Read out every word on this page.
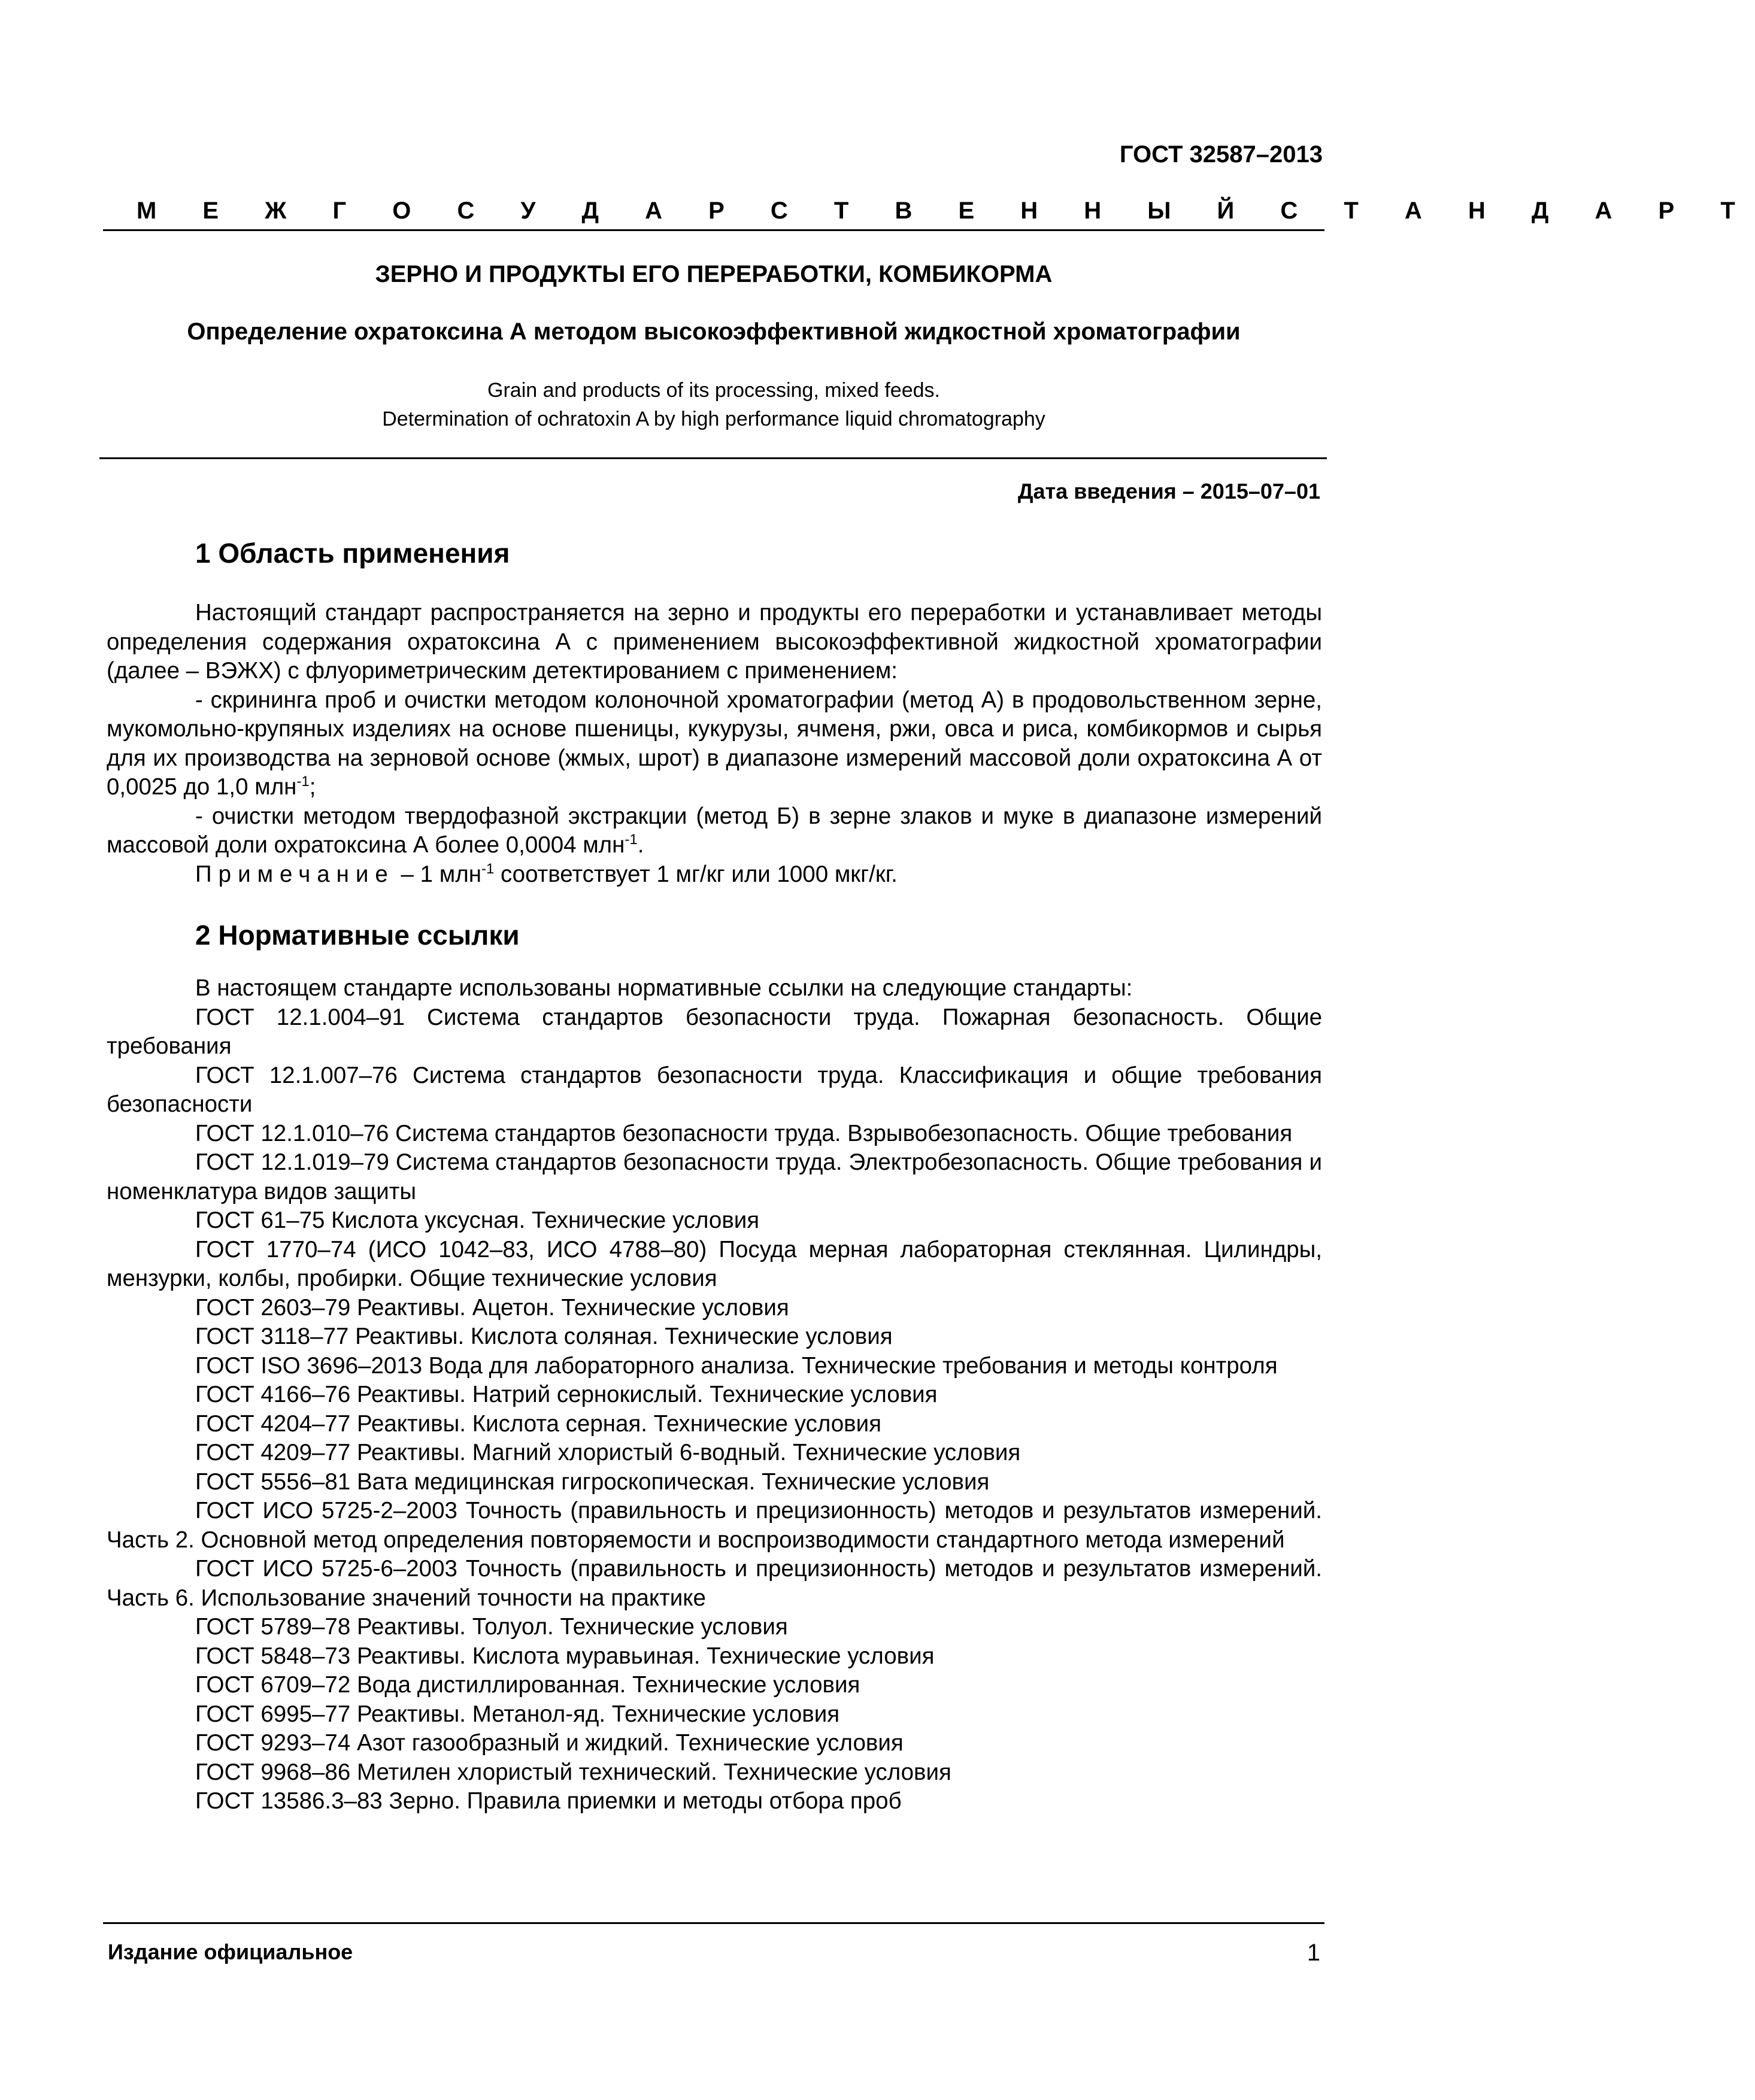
ГОСТ 32587–2013
М Е Ж Г О С У Д А Р С Т В Е Н Н Ы Й С Т А Н Д А Р Т
ЗЕРНО И ПРОДУКТЫ ЕГО ПЕРЕРАБОТКИ, КОМБИКОРМА
Определение охратоксина А методом высокоэффективной жидкостной хроматографии
Grain and products of its processing, mixed feeds.
Determination of ochratoxin A by high performance liquid chromatography
Дата введения – 2015–07–01
1 Область применения

Настоящий стандарт распространяется на зерно и продукты его переработки и устанавливает методы определения содержания охратоксина А с применением высокоэффективной жидкостной хроматографии (далее – ВЭЖХ) с флуориметрическим детектированием с применением:

- скрининга проб и очистки методом колоночной хроматографии (метод А) в продовольственном зерне, мукомольно-крупяных изделиях на основе пшеницы, кукурузы, ячменя, ржи, овса и риса, комбикормов и сырья для их производства на зерновой основе (жмых, шрот) в диапазоне измерений массовой доли охратоксина А от 0,0025 до 1,0 млн$^{-1}$;

- очистки методом твердофазной экстракции (метод Б) в зерне злаков и муке в диапазоне измерений массовой доли охратоксина А более 0,0004 млн$^{-1}$.

Примечание – 1 млн$^{-1}$ соответствует 1 мг/кг или 1000 мкг/кг.

2 Нормативные ссылки

В настоящем стандарте использованы нормативные ссылки на следующие стандарты:

ГОСТ 12.1.004–91 Система стандартов безопасности труда. Пожарная безопасность. Общие требования

ГОСТ 12.1.007–76 Система стандартов безопасности труда. Классификация и общие требования безопасности

ГОСТ 12.1.010–76 Система стандартов безопасности труда. Взрывобезопасность. Общие требования

ГОСТ 12.1.019–79 Система стандартов безопасности труда. Электробезопасность. Общие требования и номенклатура видов защиты

ГОСТ 61–75 Кислота уксусная. Технические условия

ГОСТ 1770–74 (ИСО 1042–83, ИСО 4788–80) Посуда мерная лабораторная стеклянная. Цилиндры, мензурки, колбы, пробирки. Общие технические условия

ГОСТ 2603–79 Реактивы. Ацетон. Технические условия

ГОСТ 3118–77 Реактивы. Кислота соляная. Технические условия

ГОСТ ISO 3696–2013 Вода для лабораторного анализа. Технические требования и методы контроля

ГОСТ 4166–76 Реактивы. Натрий сернокислый. Технические условия

ГОСТ 4204–77 Реактивы. Кислота серная. Технические условия

ГОСТ 4209–77 Реактивы. Магний хлористый 6-водный. Технические условия

ГОСТ 5556–81 Вата медицинская гигроскопическая. Технические условия

ГОСТ ИСО 5725-2–2003 Точность (правильность и прецизионность) методов и результатов измерений. Часть 2. Основной метод определения повторяемости и воспроизводимости стандартного метода измерений

ГОСТ ИСО 5725-6–2003 Точность (правильность и прецизионность) методов и результатов измерений. Часть 6. Использование значений точности на практике

ГОСТ 5789–78 Реактивы. Толуол. Технические условия

ГОСТ 5848–73 Реактивы. Кислота муравьиная. Технические условия

ГОСТ 6709–72 Вода дистиллированная. Технические условия

ГОСТ 6995–77 Реактивы. Метанол-яд. Технические условия

ГОСТ 9293–74 Азот газообразный и жидкий. Технические условия

ГОСТ 9968–86 Метилен хлористый технический. Технические условия

ГОСТ 13586.3–83 Зерно. Правила приемки и методы отбора проб

Издание официальное	1
